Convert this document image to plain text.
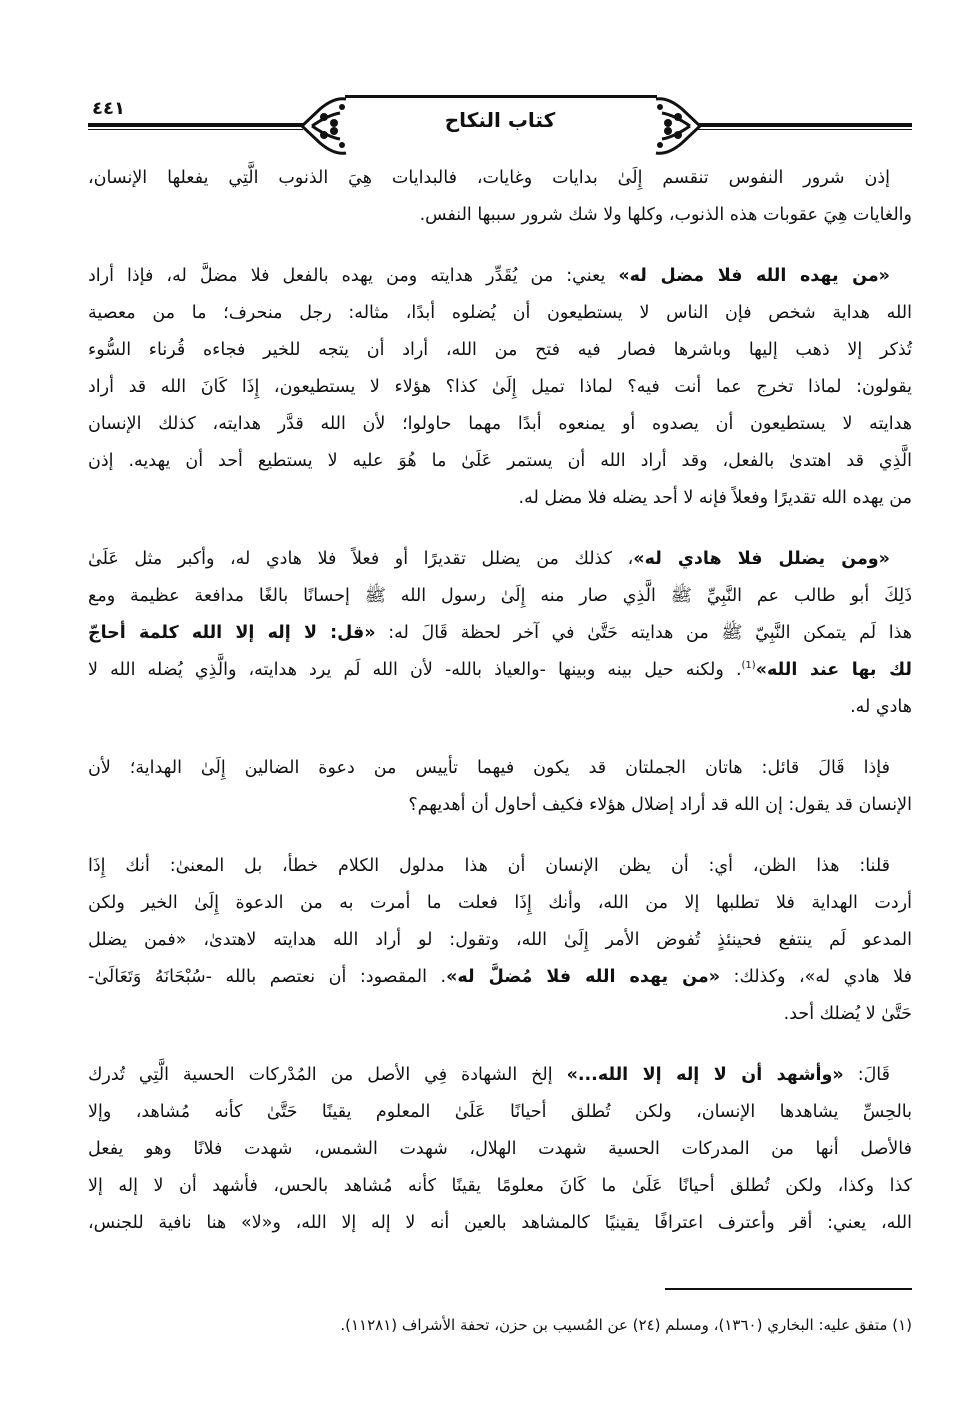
٤٤١	كتاب النكاح
إذن شرور النفوس تنقسم إِلَىٰ بدايات وغايات، فالبدايات هِيَ الذنوب الَّتِي يفعلها الإنسان،
والغايات هِيَ عقوبات هذه الذنوب، وكلها ولا شك شرور سببها النفس.
«من يهده الله فلا مضل له» يعني: من يُقَدِّر هدايته ومن يهده بالفعل فلا مضلَّ له، فإذا أراد
الله هداية شخص فإن الناس لا يستطيعون أن يُضلوه أبدًا، مثاله: رجل منحرف؛ ما من معصية
تُذكر إلا ذهب إليها وباشرها فصار فيه فتح من الله، أراد أن يتجه للخير فجاءه قُرناء السُّوء
يقولون: لماذا تخرج عما أنت فيه؟ لماذا تميل إِلَىٰ كذا؟ هؤلاء لا يستطيعون، إِذَا كَانَ الله قد أراد
هدايته لا يستطيعون أن يصدوه أو يمنعوه أبدًا مهما حاولوا؛ لأن الله قدَّر هدايته، كذلك الإنسان
الَّذِي قد اهتدىٰ بالفعل، وقد أراد الله أن يستمر عَلَىٰ ما هُوَ عليه لا يستطيع أحد أن يهديه. إذن
من يهده الله تقديرًا وفعلاً فإنه لا أحد يضله فلا مضل له.
«ومن يضلل فلا هادي له»، كذلك من يضلل تقديرًا أو فعلاً فلا هادي له، وأكبر مثل عَلَىٰ
ذَلِكَ أبو طالب عم النَّبِيِّ ﷺ الَّذِي صار منه إِلَىٰ رسول الله ﷺ إحسانًا بالغًا مدافعة عظيمة ومع
هذا لَم يتمكن النَّبِيّ ﷺ من هدايته حَتَّىٰ في آخر لحظة قَالَ له: «قل: لا إله إلا الله كلمة أحاجّ
لك بها عند الله»$^{(1)}$. ولكنه حيل بينه وبينها -والعياذ بالله- لأن الله لَم يرد هدايته، والَّذِي يُضله الله لا
هادي له.
فإذا قَالَ قائل: هاتان الجملتان قد يكون فيهما تأييس من دعوة الضالين إِلَىٰ الهداية؛ لأن
الإنسان قد يقول: إن الله قد أراد إضلال هؤلاء فكيف أحاول أن أهديهم؟
قلنا: هذا الظن، أي: أن يظن الإنسان أن هذا مدلول الكلام خطأ، بل المعنىٰ: أنك إِذَا
أردت الهداية فلا تطلبها إلا من الله، وأنك إِذَا فعلت ما أمرت به من الدعوة إِلَىٰ الخير ولكن
المدعو لَم ينتفع فحينئذٍ تُفوض الأمر إِلَىٰ الله، وتقول: لو أراد الله هدايته لاهتدىٰ، «فمن يضلل
فلا هادي له»، وكذلك: «من يهده الله فلا مُضلَّ له». المقصود: أن نعتصم بالله -سُبْحَانَهُ وَتَعَالَىٰ-
حَتَّىٰ لا يُضلك أحد.
قَالَ: «وأشهد أن لا إله إلا الله...» إلخ الشهادة فِي الأصل من المُدْركات الحسية الَّتِي تُدرك
بالحِسِّ يشاهدها الإنسان، ولكن تُطلق أحيانًا عَلَىٰ المعلوم يقينًا حَتَّىٰ كأنه مُشاهد، وإلا
فالأصل أنها من المدركات الحسية شهدت الهلال، شهدت الشمس، شهدت فلانًا وهو يفعل
كذا وكذا، ولكن تُطلق أحيانًا عَلَىٰ ما كَانَ معلومًا يقينًا كأنه مُشاهد بالحس، فأشهد أن لا إله إلا
الله، يعني: أقر وأعترف اعترافًا يقينيًا كالمشاهد بالعين أنه لا إله إلا الله، و«لا» هنا نافية للجنس،
(١) متفق عليه: البخاري (١٣٦٠)، ومسلم (٢٤) عن المُسيب بن حزن، تحفة الأشراف (١١٢٨١).
